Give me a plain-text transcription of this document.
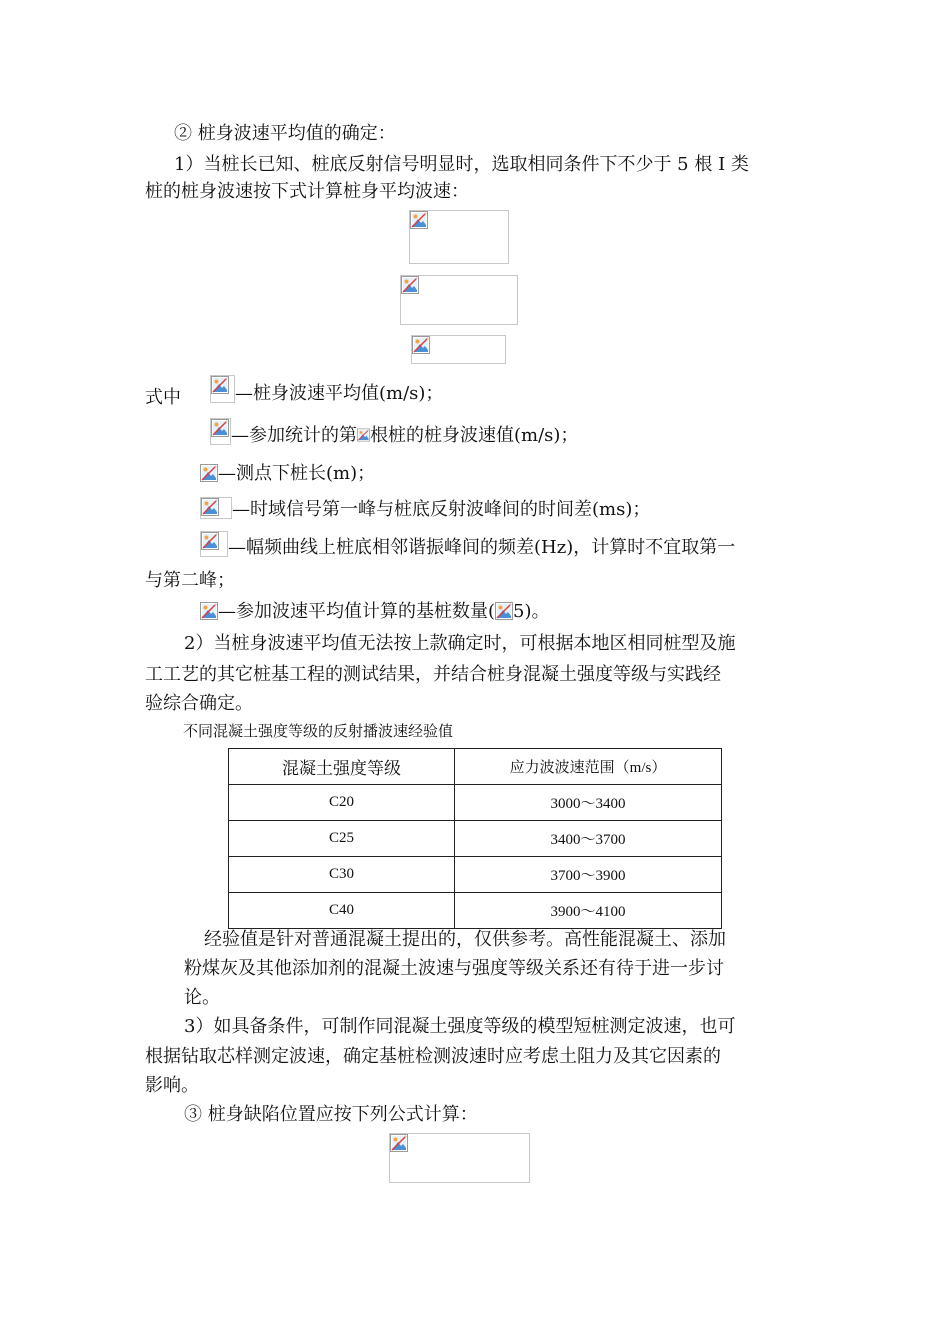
② 桩身波速平均值的确定：
1）当桩长已知、桩底反射信号明显时，选取相同条件下不少于 5 根 Ⅰ 类
桩的桩身波速按下式计算桩身平均波速：
式中	—桩身波速平均值(m/s)；
—参加统计的第 根桩的桩身波速值(m/s)；
—测点下桩长(m)；
—时域信号第一峰与桩底反射波峰间的时间差(ms)；
—幅频曲线上桩底相邻谐振峰间的频差(Hz)，计算时不宜取第一
与第二峰；
—参加波速平均值计算的基桩数量( 5)。
2）当桩身波速平均值无法按上款确定时，可根据本地区相同桩型及施
工工艺的其它桩基工程的测试结果，并结合桩身混凝土强度等级与实践经
验综合确定。
不同混凝土强度等级的反射播波速经验值
混凝土强度等级	应力波波速范围（m/s）
C20	3000～3400
C25	3400～3700
C30	3700～3900
C40	3900～4100
经验值是针对普通混凝土提出的，仅供参考。高性能混凝土、添加
粉煤灰及其他添加剂的混凝土波速与强度等级关系还有待于进一步讨
论。
3）如具备条件，可制作同混凝土强度等级的模型短桩测定波速，也可
根据钻取芯样测定波速，确定基桩检测波速时应考虑土阻力及其它因素的
影响。
③ 桩身缺陷位置应按下列公式计算：
